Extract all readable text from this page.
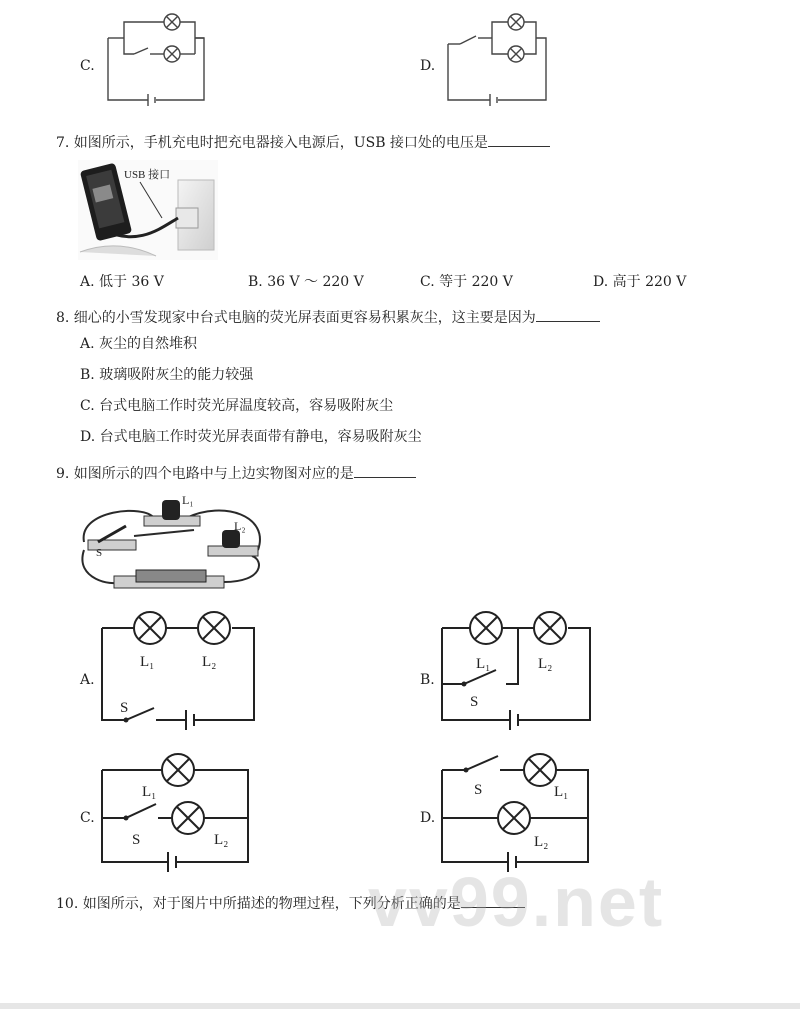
C.	D.
7. 如图所示，手机充电时把充电器接入电源后，USB 接口处的电压是
USB 接口
A. 低于 36 V	B. 36 V ～ 220 V	C. 等于 220 V	D. 高于 220 V
8. 细心的小雪发现家中台式电脑的荧光屏表面更容易积累灰尘，这主要是因为
A. 灰尘的自然堆积
B. 玻璃吸附灰尘的能力较强
C. 台式电脑工作时荧光屏温度较高，容易吸附灰尘
D. 台式电脑工作时荧光屏表面带有静电，容易吸附灰尘
9. 如图所示的四个电路中与上边实物图对应的是
L₁
L₂
S
A.
L₁	L₂
S
B.
L₁	L₂
S
C.
L₁
L₂
S
D.
S	L₁
L₂
10. 如图所示，对于图片中所描述的物理过程，下列分析正确的是
vv99.net
